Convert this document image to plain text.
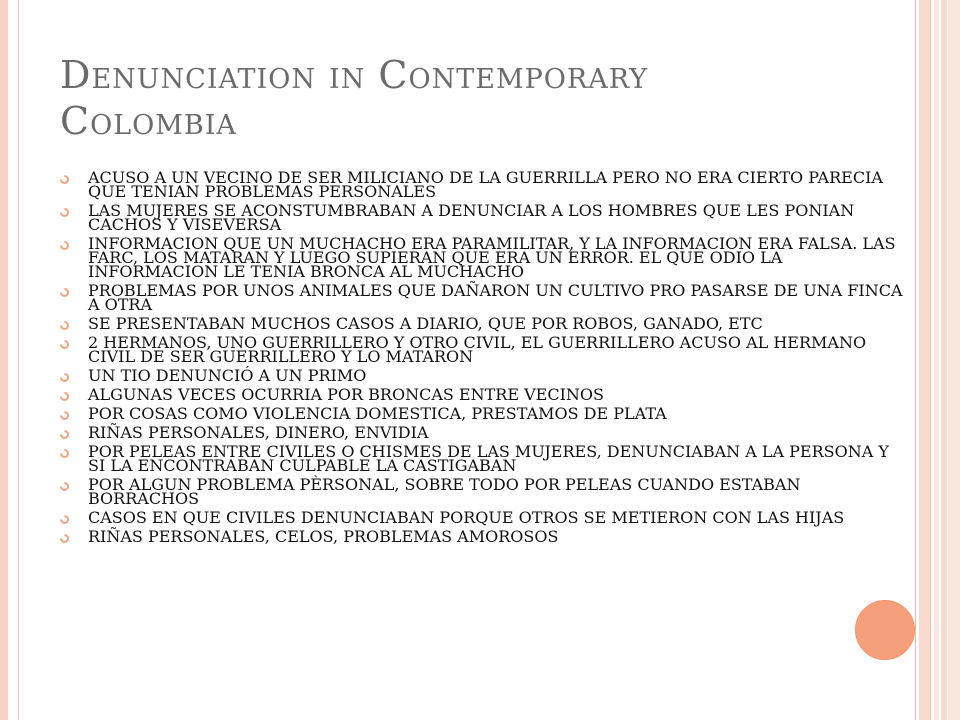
Denunciation in Contemporary
Colombia
ACUSO A UN VECINO DE SER MILICIANO DE LA GUERRILLA PERO NO ERA CIERTO PARECIA QUE TENIAN PROBLEMAS PERSONALES
LAS MUJERES SE ACONSTUMBRABAN A DENUNCIAR A LOS HOMBRES QUE LES PONIAN CACHOS Y VISEVERSA
INFORMACION QUE UN MUCHACHO ERA PARAMILITAR, Y LA INFORMACION ERA FALSA. LAS FARC, LOS MATARAN Y LUEGO SUPIERAN QUE ERA UN ERROR. EL QUE ODIO LA INFORMACION LE TENIA BRONCA AL MUCHACHO
PROBLEMAS POR UNOS ANIMALES QUE DAÑARON UN CULTIVO PRO PASARSE DE UNA FINCA A OTRA
SE PRESENTABAN MUCHOS CASOS A DIARIO, QUE POR ROBOS, GANADO, ETC
2 HERMANOS, UNO GUERRILLERO Y OTRO CIVIL, EL GUERRILLERO ACUSO AL HERMANO CIVIL DE SER GUERRILLERO Y LO MATARON
UN TIO DENUNCIÓ A UN PRIMO
ALGUNAS VECES OCURRIA POR BRONCAS ENTRE VECINOS
POR COSAS COMO VIOLENCIA DOMESTICA, PRESTAMOS DE PLATA
RIÑAS PERSONALES, DINERO, ENVIDIA
POR PELEAS ENTRE CIVILES O CHISMES DE LAS MUJERES, DENUNCIABAN A LA PERSONA Y SI LA ENCONTRABAN CULPABLE LA CASTIGABAN
POR ALGUN PROBLEMA PÈRSONAL, SOBRE TODO POR PELEAS CUANDO ESTABAN BORRACHOS
CASOS EN QUE CIVILES DENUNCIABAN PORQUE OTROS SE METIERON CON LAS HIJAS
RIÑAS PERSONALES, CELOS, PROBLEMAS AMOROSOS
